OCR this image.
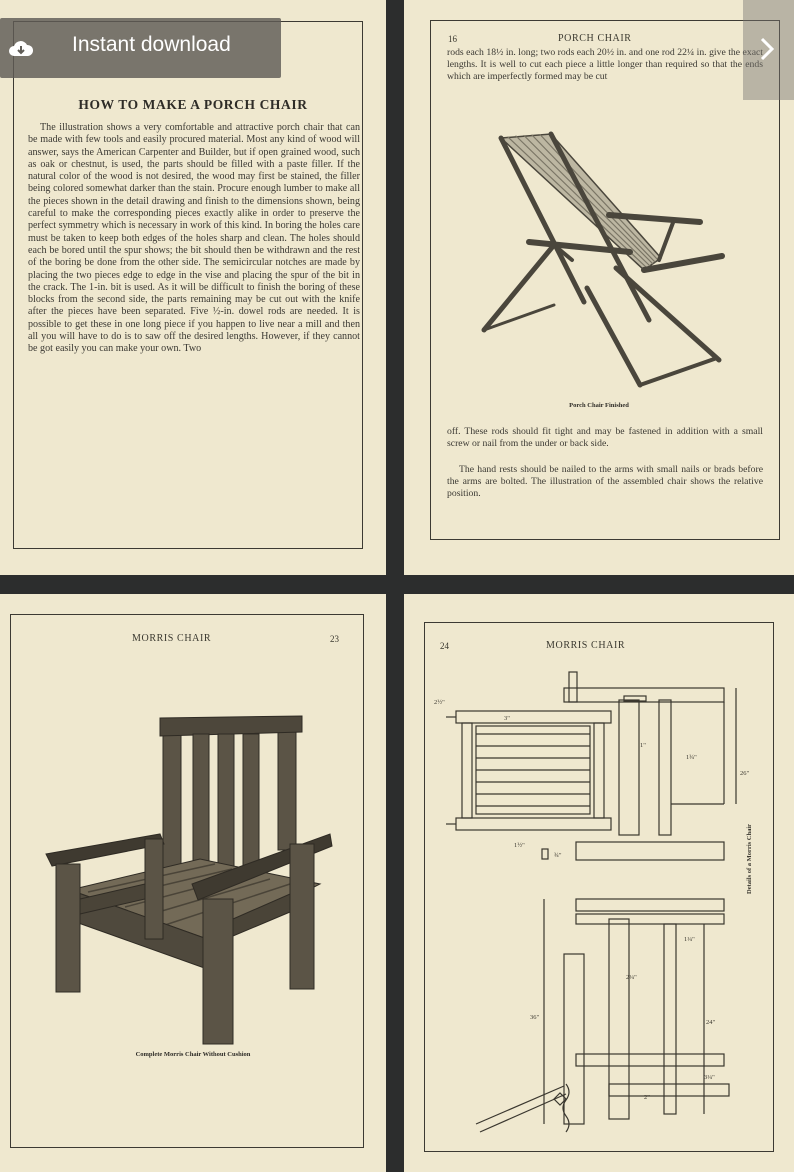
HOW TO MAKE A PORCH CHAIR

The illustration shows a very comfortable and attractive porch chair that can be made with few tools and easily procured material. Most any kind of wood will answer, says the American Carpenter and Builder, but if open grained wood, such as oak or chestnut, is used, the parts should be filled with a paste filler. If the natural color of the wood is not desired, the wood may first be stained, the filler being colored somewhat darker than the stain. Procure enough lumber to make all the pieces shown in the detail drawing and finish to the dimensions shown, being careful to make the corresponding pieces exactly alike in order to preserve the perfect symmetry which is necessary in work of this kind. In boring the holes care must be taken to keep both edges of the holes sharp and clean. The holes should each be bored until the spur shows; the bit should then be withdrawn and the rest of the boring be done from the other side. The semicircular notches are made by placing the two pieces edge to edge in the vise and placing the spur of the bit in the crack. The 1-in. bit is used. As it will be difficult to finish the boring of these blocks from the second side, the parts remaining may be cut out with the knife after the pieces have been separated. Five ½-in. dowel rods are needed. It is possible to get these in one long piece if you happen to live near a mill and then all you will have to do is to saw off the desired lengths. However, if they cannot be got easily you can make your own. Two

16	PORCH CHAIR

rods each 18½ in. long; two rods each 20½ in. and one rod 22¼ in. give the exact lengths. It is well to cut each piece a little longer than required so that the ends which are imperfectly formed may be cut

Porch Chair Finished

off. These rods should fit tight and may be fastened in addition with a small screw or nail from the under or back side.

The hand rests should be nailed to the arms with small nails or brads before the arms are bolted. The illustration of the assembled chair shows the relative position.

MORRIS CHAIR	23
Complete Morris Chair Without Cushion
24	MORRIS CHAIR
2½"
3"
1"
1¾"
26"
1½"
¾"
1¼"
24"
36"
2¼"
2"
3¼"
Details of a Morris Chair
Instant download
